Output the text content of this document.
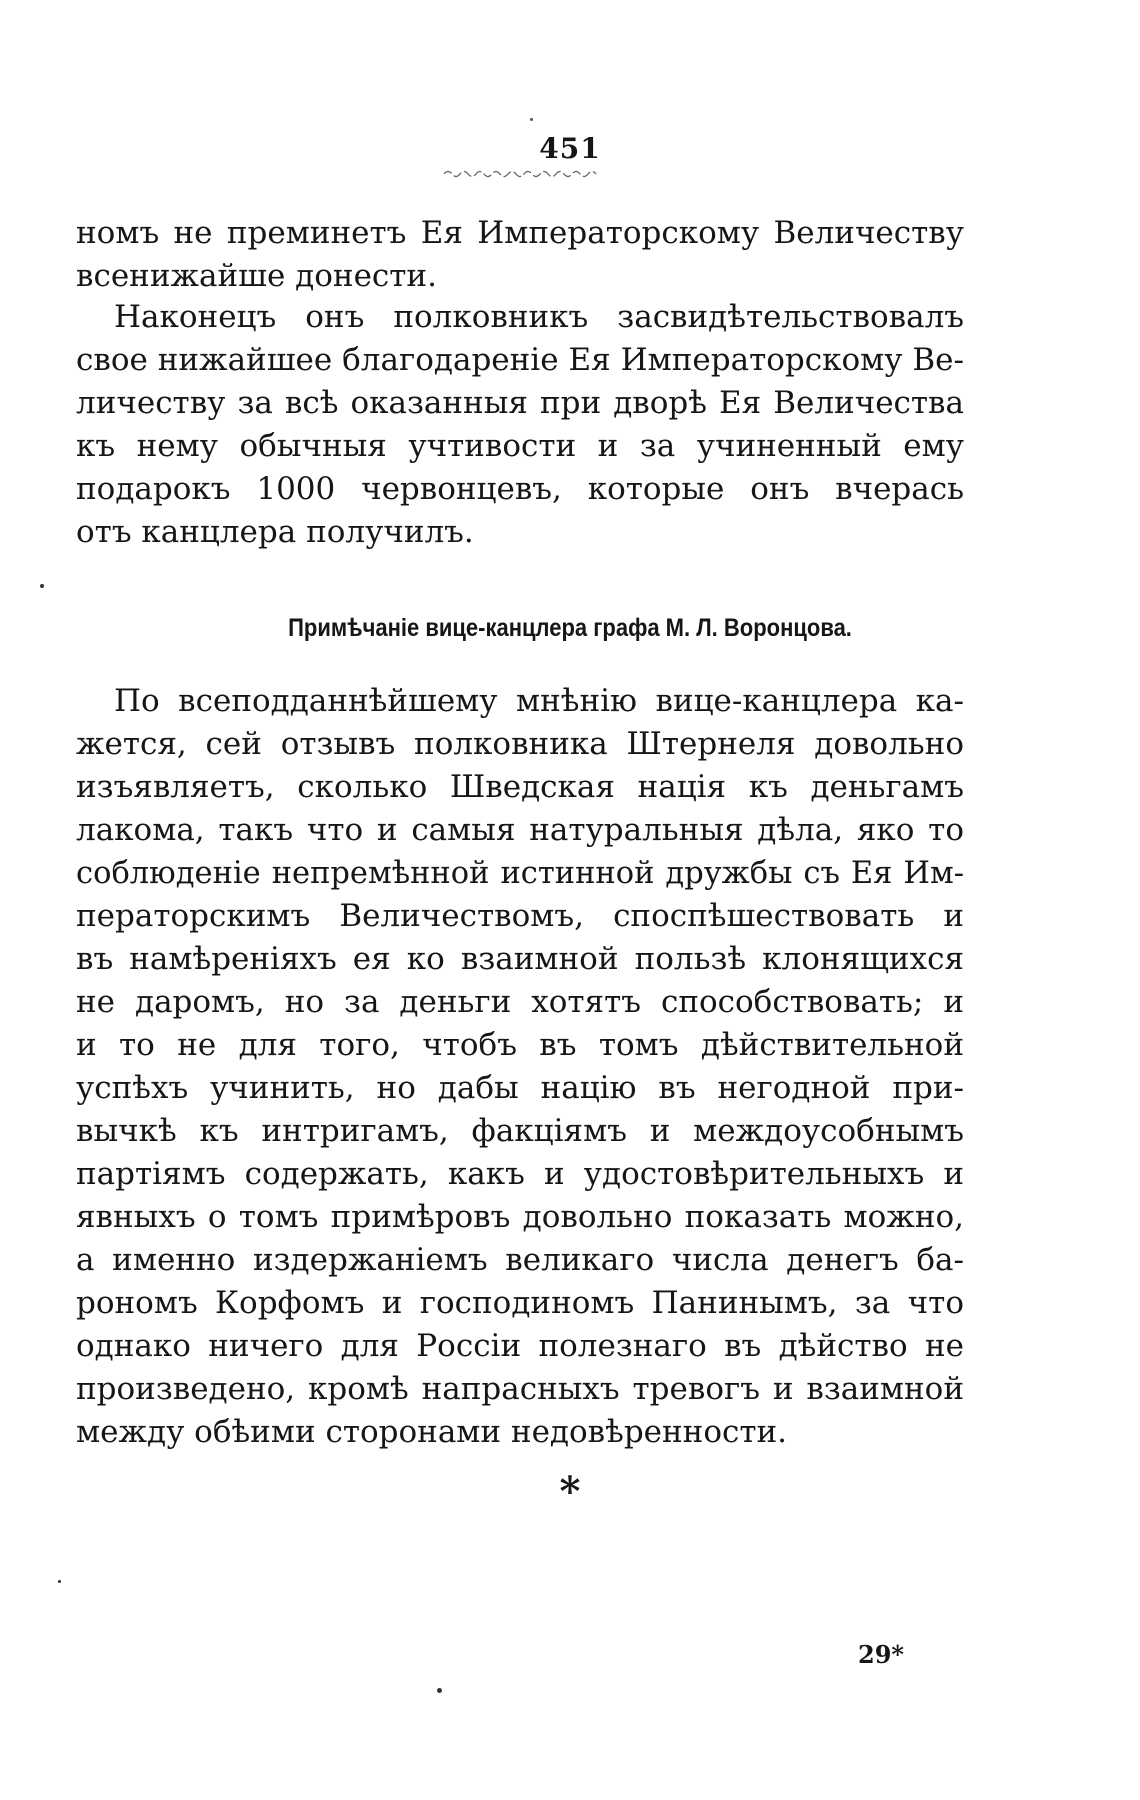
451
номъ не преминетъ Ея Императорскому Величеству
всенижайше донести.
Наконецъ онъ полковникъ засвидѣтельствовалъ
свое нижайшее благодареніе Ея Императорскому Ве-
личеству за всѣ оказанныя при дворѣ Ея Величества
къ нему обычныя учтивости и за учиненный ему
подарокъ 1000 червонцевъ, которые онъ вчерась
отъ канцлера получилъ.
Примѣчаніе вице-канцлера графа М. Л. Воронцова.
По всеподданнѣйшему мнѣнію вице-канцлера ка-
жется, сей отзывъ полковника Штернеля довольно
изъявляетъ, сколько Шведская нація къ деньгамъ
лакома, такъ что и самыя натуральныя дѣла, яко то
соблюденіе непремѣнной истинной дружбы съ Ея Им-
ператорскимъ Величествомъ, споспѣшествовать и
въ намѣреніяхъ ея ко взаимной пользѣ клонящихся
не даромъ, но за деньги хотятъ способствовать; и
и то не для того, чтобъ въ томъ дѣйствительной
успѣхъ учинить, но дабы націю въ негодной при-
вычкѣ къ интригамъ, факціямъ и междоусобнымъ
партіямъ содержать, какъ и удостовѣрительныхъ и
явныхъ о томъ примѣровъ довольно показать можно,
а именно издержаніемъ великаго числа денегъ ба-
рономъ Корфомъ и господиномъ Панинымъ, за что
однако ничего для Россіи полезнаго въ дѣйство не
произведено, кромѣ напрасныхъ тревогъ и взаимной
между обѣими сторонами недовѣренности.
*
29*
